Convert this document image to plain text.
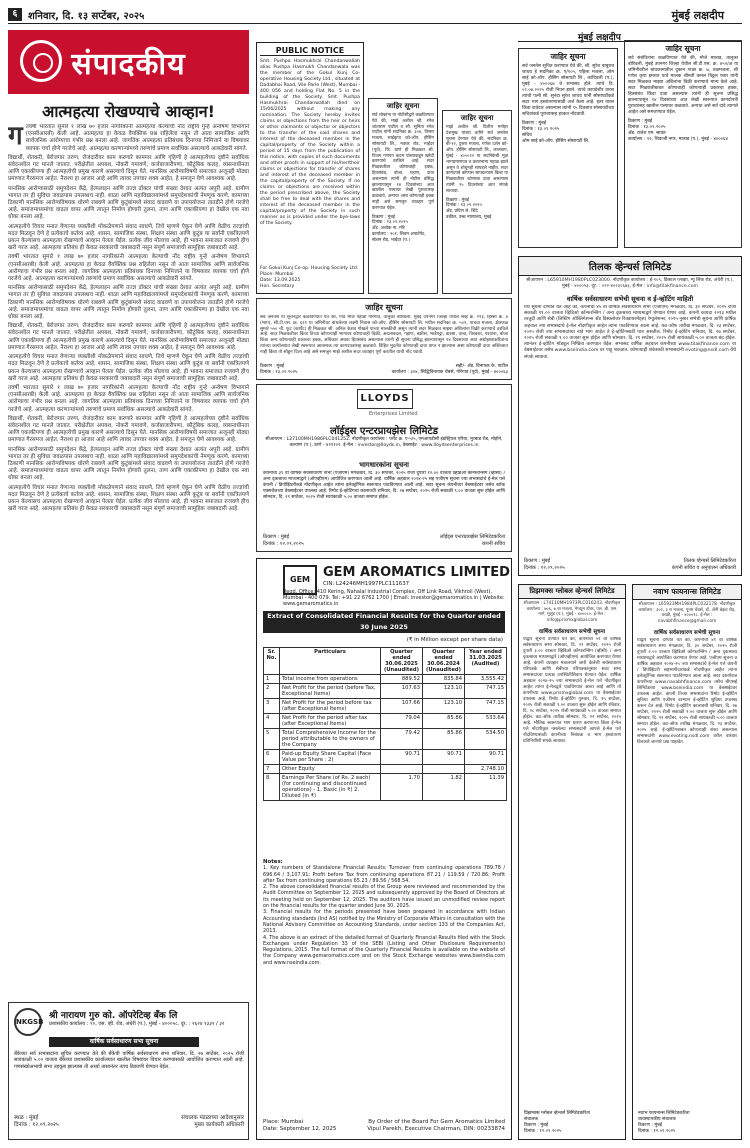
६	शनिवार, दि. १३ सप्टेंबर, २०२५	मुंबई लक्षदीप
संपादकीय
आत्महत्या रोखण्याचे आव्हान!
ग तवर्षी भारतात सुमारे १ लाख ७० हजार नागरिकांनी आत्महत्या केल्याची नोंद राष्ट्रीय गुन्हे अन्वेषण विभागाने (एनसीआरबी) केली आहे. आत्महत्या हा केवळ वैयक्तिक प्रश्न राहिलेला नसून तो आता सामाजिक आणि सार्वजनिक आरोग्याचा गंभीर प्रश्न बनला आहे. जागतिक आत्महत्या प्रतिबंधक दिनाच्या निमित्ताने या विषयावर व्यापक चर्चा होणे गरजेचे आहे. आत्महत्या करणाऱ्यांमध्ये तरुणांचे प्रमाण सर्वाधिक असल्याचे आकडेवारी सांगते.

विद्यार्थी, शेतकरी, बेरोजगार तरुण, रोजंदारीवर काम करणारे कामगार आणि गृहिणी हे आत्महत्येच्या दृष्टीने सर्वाधिक संवेदनशील गट मानले जातात. परीक्षेतील अपयश, नोकरी गमावणे, कर्जबाजारीपणा, कौटुंबिक कलह, व्यसनाधीनता आणि एकाकीपणा ही आत्महत्येची प्रमुख कारणे असल्याचे दिसून येते. मानसिक आरोग्याविषयी समाजात अजूनही मोठ्या प्रमाणात गैरसमज आहेत. नैराश्य हा आजार आहे आणि त्यावर उपचार शक्य आहेत, हे समजून घेणे आवश्यक आहे.

मानसिक आरोग्यासाठी समुपदेशन केंद्रे, हेल्पलाइन आणि तज्ज्ञ डॉक्टर यांची संख्या देशात अत्यंत अपुरी आहे. ग्रामीण भागात तर ही सुविधा जवळपास उपलब्धच नाही. शाळा आणि महाविद्यालयांमध्ये समुपदेशकांची नेमणूक करणे, कामाच्या ठिकाणी मानसिक आरोग्यविषयक धोरणे राबवणे आणि कुटुंबांमध्ये संवाद वाढवणे या उपाययोजना तातडीने होणे गरजेचे आहे. समाजमाध्यमांचा वाढता वापर आणि त्यातून निर्माण होणारी तुलना, ताण आणि एकाकीपणा हा देखील एक नवा धोका बनला आहे.

आत्महत्येचे विचार मनात येणाऱ्या व्यक्तीशी मोकळेपणाने संवाद साधणे, तिचे म्हणणे ऐकून घेणे आणि वेळीच तज्ज्ञांची मदत मिळवून देणे हे प्रत्येकाचे कर्तव्य आहे. शासन, सामाजिक संस्था, शिक्षण संस्था आणि कुटुंब या सर्वांनी एकत्रितपणे प्रयत्न केल्यासच आत्महत्या रोखण्याचे आव्हान पेलता येईल. प्रत्येक जीव मोलाचा आहे, ही भावना समाजात रुजवणे हीच खरी गरज आहे. आत्महत्या प्रतिबंध ही केवळ सरकारची जबाबदारी नसून संपूर्ण समाजाची सामूहिक जबाबदारी आहे.

तवर्षी भारतात सुमारे १ लाख ७० हजार नागरिकांनी आत्महत्या केल्याची नोंद राष्ट्रीय गुन्हे अन्वेषण विभागाने (एनसीआरबी) केली आहे. आत्महत्या हा केवळ वैयक्तिक प्रश्न राहिलेला नसून तो आता सामाजिक आणि सार्वजनिक आरोग्याचा गंभीर प्रश्न बनला आहे. जागतिक आत्महत्या प्रतिबंधक दिनाच्या निमित्ताने या विषयावर व्यापक चर्चा होणे गरजेचे आहे. आत्महत्या करणाऱ्यांमध्ये तरुणांचे प्रमाण सर्वाधिक असल्याचे आकडेवारी सांगते.

मानसिक आरोग्यासाठी समुपदेशन केंद्रे, हेल्पलाइन आणि तज्ज्ञ डॉक्टर यांची संख्या देशात अत्यंत अपुरी आहे. ग्रामीण भागात तर ही सुविधा जवळपास उपलब्धच नाही. शाळा आणि महाविद्यालयांमध्ये समुपदेशकांची नेमणूक करणे, कामाच्या ठिकाणी मानसिक आरोग्यविषयक धोरणे राबवणे आणि कुटुंबांमध्ये संवाद वाढवणे या उपाययोजना तातडीने होणे गरजेचे आहे. समाजमाध्यमांचा वाढता वापर आणि त्यातून निर्माण होणारी तुलना, ताण आणि एकाकीपणा हा देखील एक नवा धोका बनला आहे.

विद्यार्थी, शेतकरी, बेरोजगार तरुण, रोजंदारीवर काम करणारे कामगार आणि गृहिणी हे आत्महत्येच्या दृष्टीने सर्वाधिक संवेदनशील गट मानले जातात. परीक्षेतील अपयश, नोकरी गमावणे, कर्जबाजारीपणा, कौटुंबिक कलह, व्यसनाधीनता आणि एकाकीपणा ही आत्महत्येची प्रमुख कारणे असल्याचे दिसून येते. मानसिक आरोग्याविषयी समाजात अजूनही मोठ्या प्रमाणात गैरसमज आहेत. नैराश्य हा आजार आहे आणि त्यावर उपचार शक्य आहेत, हे समजून घेणे आवश्यक आहे.

आत्महत्येचे विचार मनात येणाऱ्या व्यक्तीशी मोकळेपणाने संवाद साधणे, तिचे म्हणणे ऐकून घेणे आणि वेळीच तज्ज्ञांची मदत मिळवून देणे हे प्रत्येकाचे कर्तव्य आहे. शासन, सामाजिक संस्था, शिक्षण संस्था आणि कुटुंब या सर्वांनी एकत्रितपणे प्रयत्न केल्यासच आत्महत्या रोखण्याचे आव्हान पेलता येईल. प्रत्येक जीव मोलाचा आहे, ही भावना समाजात रुजवणे हीच खरी गरज आहे. आत्महत्या प्रतिबंध ही केवळ सरकारची जबाबदारी नसून संपूर्ण समाजाची सामूहिक जबाबदारी आहे.

तवर्षी भारतात सुमारे १ लाख ७० हजार नागरिकांनी आत्महत्या केल्याची नोंद राष्ट्रीय गुन्हे अन्वेषण विभागाने (एनसीआरबी) केली आहे. आत्महत्या हा केवळ वैयक्तिक प्रश्न राहिलेला नसून तो आता सामाजिक आणि सार्वजनिक आरोग्याचा गंभीर प्रश्न बनला आहे. जागतिक आत्महत्या प्रतिबंधक दिनाच्या निमित्ताने या विषयावर व्यापक चर्चा होणे गरजेचे आहे. आत्महत्या करणाऱ्यांमध्ये तरुणांचे प्रमाण सर्वाधिक असल्याचे आकडेवारी सांगते.

विद्यार्थी, शेतकरी, बेरोजगार तरुण, रोजंदारीवर काम करणारे कामगार आणि गृहिणी हे आत्महत्येच्या दृष्टीने सर्वाधिक संवेदनशील गट मानले जातात. परीक्षेतील अपयश, नोकरी गमावणे, कर्जबाजारीपणा, कौटुंबिक कलह, व्यसनाधीनता आणि एकाकीपणा ही आत्महत्येची प्रमुख कारणे असल्याचे दिसून येते. मानसिक आरोग्याविषयी समाजात अजूनही मोठ्या प्रमाणात गैरसमज आहेत. नैराश्य हा आजार आहे आणि त्यावर उपचार शक्य आहेत, हे समजून घेणे आवश्यक आहे.

मानसिक आरोग्यासाठी समुपदेशन केंद्रे, हेल्पलाइन आणि तज्ज्ञ डॉक्टर यांची संख्या देशात अत्यंत अपुरी आहे. ग्रामीण भागात तर ही सुविधा जवळपास उपलब्धच नाही. शाळा आणि महाविद्यालयांमध्ये समुपदेशकांची नेमणूक करणे, कामाच्या ठिकाणी मानसिक आरोग्यविषयक धोरणे राबवणे आणि कुटुंबांमध्ये संवाद वाढवणे या उपाययोजना तातडीने होणे गरजेचे आहे. समाजमाध्यमांचा वाढता वापर आणि त्यातून निर्माण होणारी तुलना, ताण आणि एकाकीपणा हा देखील एक नवा धोका बनला आहे.

आत्महत्येचे विचार मनात येणाऱ्या व्यक्तीशी मोकळेपणाने संवाद साधणे, तिचे म्हणणे ऐकून घेणे आणि वेळीच तज्ज्ञांची मदत मिळवून देणे हे प्रत्येकाचे कर्तव्य आहे. शासन, सामाजिक संस्था, शिक्षण संस्था आणि कुटुंब या सर्वांनी एकत्रितपणे प्रयत्न केल्यासच आत्महत्या रोखण्याचे आव्हान पेलता येईल. प्रत्येक जीव मोलाचा आहे, ही भावना समाजात रुजवणे हीच खरी गरज आहे. आत्महत्या प्रतिबंध ही केवळ सरकारची जबाबदारी नसून संपूर्ण समाजाची सामूहिक जबाबदारी आहे.

NKGSB
श्री नारायण गुरु को. ऑपरेटिव्ह बँक लि
प्रशासकीय कार्यालय : ९०, एस. व्ही. रोड, अंधेरी (प.), मुंबई - ४०००५८. दूर. : २६२४ १३३१ / ३२
वार्षिक सर्वसाधारण सभा सूचना
बँकेच्या सर्व सभासदांना सूचित करण्यात येते की बँकेची वार्षिक सर्वसाधारण सभा शनिवार, दि. २७ सप्टेंबर, २०२५ रोजी सायंकाळी ५.०० वाजता बँकेच्या प्रशासकीय कार्यालयात खालील विषयांवर विचार करण्यासाठी आयोजित करण्यात आली आहे. गणसंख्येअभावी सभा तहकूब झाल्यास ती अर्ध्या तासानंतर त्याच ठिकाणी घेण्यात येईल.
स्थळ : मुंबई
दिनांक : १२.०९.२०२५
संचालक मंडळाच्या आदेशानुसार
मुख्य कार्यकारी अधिकारी
PUBLIC NOTICE
Smt. Pushpa Hasmukhrai Chandanwallah alias Pushpa Hasmukh Chandanwala was the member of the Gokul Kunj Co-operative Housing Society Ltd., situated at Dadabhai Road, Vile Parle (West), Mumbai - 400 056 and holding Flat No. 5 in the building of the Society. Smt. Pushpa Hasmukhrai Chandanwallah died on 15/06/2025 without making any nomination. The Society hereby invites claims or objections from the heir or heirs or other claimants or objector or objectors to the transfer of the said shares and interest of the deceased member in the capital/property of the Society within a period of 15 days from the publication of this notice, with copies of such documents and other proofs in support of his/her/their claims or objections for transfer of shares and interest of the deceased member in the capital/property of the Society. If no claims or objections are received within the period prescribed above, the Society shall be free to deal with the shares and interest of the deceased member in the capital/property of the Society in such manner as is provided under the bye-laws of the Society.
For Gokul Kunj Co-op. Housing Society Ltd.
Place: Mumbai
Date: 13.09.2025
Hon. Secretary
जाहिर सूचना
सर्व लोकांना या नोटीसीद्वारे कळविण्यात येते की, माझे अशील श्री. रमेश शांताराम पाटील व सौ. सुनिता रमेश पाटील यांनी सदनिका क्र. ३०४, तिसरा मजला, साईकृपा को-ऑप. हौसिंग सोसायटी लि., नवघर रोड, भाईंदर (पूर्व), जि. ठाणे ही मिळकत श्री. विजय गणपत कदम यांच्याकडून खरेदी करण्याचे ठरविले आहे. सदर मिळकतीवर कोणाचाही हक्क, हितसंबंध, बोजा, गहाण, दावा असल्यास त्यांनी ही नोटीस प्रसिद्ध झाल्यापासून १४ दिवसांच्या आत खालील पत्त्यावर लेखी पुराव्यासह कळवावे, अन्यथा असा कोणताही हक्क नाही असे समजून व्यवहार पूर्ण करण्यात येईल.
ठिकाण : मुंबई
दिनांक : १३.०९.२०२५
ॲड. अशोक ना. मोरे
कार्यालय : २०१, शिवम अपार्टमेंट, स्टेशन रोड, भाईंदर (प.)
जाहिर सूचना
माझे अशील श्री. दिलीप मनोहर देशमुख यांच्या वतीने सर्व जनतेस सूचना देण्यात येते की, सदनिका क्र. बी-१२, दुसरा मजला, गणेश दर्शन को-ऑप. हौसिंग सोसायटी लि., लालबाग, मुंबई - ४०००१२ या सदनिकेची मूळ भागप्रमाणपत्र व करारनामा गहाळ झाले असून ते शोधूनही सापडले नाहीत. सदर कागदपत्रे कोणास सापडल्यास किंवा या मिळकतीवर कोणाचा दावा असल्यास त्यांनी १५ दिवसांच्या आत संपर्क साधावा.
ठिकाण : मुंबई
दिनांक : १३.०९.२०२५
ॲड. प्रविण जे. शिंदे
वकील, उच्च न्यायालय, मुंबई
मुंबई लक्षदीप
जाहिर सूचना
सर्व जनतेस सूचित करण्यात येते की, श्री. सुरेश बाबुराव जाधव हे सदनिका क्र. ए/१०५, पहिला मजला, ओम साई को-ऑप. हौसिंग सोसायटी लि., कांदिवली (प.), मुंबई - ४०००६७ चे सभासद होते. त्यांचे दि. ०२.०७.२०२५ रोजी निधन झाले. त्यांचे कायदेशीर वारस त्यांची पत्नी सौ. सुनंदा सुरेश जाधव यांनी सोसायटीकडे सदर भाग हस्तांतरणासाठी अर्ज केला आहे. इतर वारस किंवा दावेदार असल्यास त्यांनी १५ दिवसांत सोसायटीच्या सचिवांकडे पुराव्यासह हरकत नोंदवावी.
ठिकाण : मुंबई
दिनांक : १३.०९.२०२५
सचिव
ओम साई को-ऑप. हौसिंग सोसायटी लि.
जाहिर सूचना
सर्व संबंधितांना कळविण्यात येते की, मौजे मालाड, तालुका बोरिवली, मुंबई उपनगर जिल्हा येथील सी.टी.एस. क्र. ४५२/अ या जमिनीवरील बांधकामातील दुकान गाळा क्र. ७, तळमजला, श्री गणेश कृपा इमारत याचे मालक श्रीमती कमल विठ्ठल पवार यांनी सदर मिळकत माझ्या अशिलांना विक्री करण्याचे मान्य केले आहे. सदर मिळकतीबाबत कोणाचाही कोणत्याही प्रकारचा हक्क, हितसंबंध किंवा दावा असल्यास त्यांनी ही सूचना प्रसिद्ध झाल्यापासून १४ दिवसांच्या आत लेखी स्वरूपात कागदोपत्री पुराव्यासह खालील पत्त्यावर कळवावे. अन्यथा असे सर्व दावे त्यागले आहेत असे समजण्यात येईल.
ठिकाण : मुंबई
दिनांक : १३.०९.२०२५
ॲड. राजेश एम. सावंत
कार्यालय : १२, शिवाजी नगर, मालाड (प.), मुंबई - ४०००६४
जाहिर सूचना
सर्व जनतेस या सूचनेद्वारे कळविण्यात येते की, गाव मौजे पहाडी गोरेगाव, तालुका बोरिवली, मुंबई उपनगर जिल्हा येथील सर्व्हे क्र. २१३, हिस्सा क्र. ४ (भाग), सी.टी.एस. क्र. ६२१ या जमिनीवर बांधलेल्या लक्ष्मी निवास को-ऑप. हौसिंग सोसायटी लि. मधील सदनिका क्र. ५०२, पाचवा मजला, क्षेत्रफळ सुमारे ५५० चौ. फूट (कार्पेट) ही मिळकत श्री. अनिल केशव गोखले यांच्या मालकीची असून त्यांनी सदर मिळकत माझ्या अशिलांना विक्री करण्याचे ठरविले आहे. सदर मिळकतीवर किंवा तिच्या कोणत्याही भागावर कोणाचाही विक्री, अदलाबदल, गहाण, बक्षीस, भाडेपट्टा, वारसा, ताबा, विश्वस्त, परवाना, बोजा किंवा अन्य कोणत्याही प्रकारचा हक्क, अधिकार अथवा हितसंबंध असल्यास त्यांनी ही सूचना प्रसिद्ध झाल्यापासून १४ दिवसांच्या आत अधोहस्ताक्षरितांना त्यांच्या कार्यालयात लेखी स्वरूपात आवश्यक त्या कागदपत्रांसह कळवावे. विहित मुदतीत कोणताही दावा प्राप्त न झाल्यास असा कोणताही दावा अस्तित्वात नाही किंवा तो सोडून दिला आहे असे समजून माझे अशील सदर व्यवहार पूर्ण करतील याची नोंद घ्यावी.
ठिकाण : मुंबई
दिनांक : १३.०९.२०२५
सही/- ॲड. विनायक के. पाटील
कार्यालय : ३०४, सिद्धिविनायक चेंबर्स, गोरेगाव (पूर्व), मुंबई - ४०००६३
LLOYDS
Enterprises Limited
लॉईड्स एन्टरप्रायझेस लिमिटेड
सीआयएन : L27100MH1986PLC041252. नोंदणीकृत कार्यालय : प्लॉट क्र. ए-५/५, एमआयडीसी इंडस्ट्रियल एरिया, मुरबाड रोड, मोहोने, कल्याण (प.), ठाणे - ४२११०२. ई-मेल : investor@lloyds.in, वेबसाईट : www.lloydsenterprises.in
भागधारकांना सूचना
कंपनीची ३९ वी वार्षिक सर्वसाधारण सभा (एजीएम) मंगळवार, दि. ३० सप्टेंबर, २०२५ रोजी दुपारी १२.०० वाजता व्हिडिओ कॉन्फरन्सिंग (व्हीसी) / अन्य दृकश्राव्य माध्यमाद्वारे (ओएव्हीएम) आयोजित करण्यात आली आहे. वार्षिक अहवाल २०२४-२५ सह एजीएम सूचना ज्या सभासदांचे ई-मेल पत्ते कंपनी / डिपॉझिटरीकडे नोंदणीकृत आहेत त्यांना इलेक्ट्रॉनिक स्वरूपात पाठविण्यात आली आहे. सदर सूचना कंपनीच्या वेबसाईटवर तसेच स्टॉक एक्सचेंजच्या वेबसाईटवर उपलब्ध आहे. रिमोट ई-व्होटिंगचा कालावधी शनिवार, दि. २७ सप्टेंबर, २०२५ रोजी सकाळी ९.०० वाजता सुरू होईल आणि सोमवार, दि. २९ सप्टेंबर, २०२५ रोजी सायंकाळी ५.०० वाजता समाप्त होईल.
ठिकाण : मुंबई
दिनांक : १२.०९.२०२५
लॉईड्स एन्टरप्रायझेस लिमिटेडकरिता
कंपनी सचिव
GEM	GEM AROMATICS LIMITED
CIN: L24246MH1997PLC111637
Regd. Office: 410 Kering, Nahalal Industrial Complex, Off Link Road, Vikhroli (West), Mumbai - 400 079. Tel: +91 22 6762 1700 | Email: investor@gemaromatics.in | Website: www.gemaromatics.in
Extract of Consolidated Financial Results for the Quarter ended 30 June 2025
(₹ in Million except per share data)
Sr. No.	Particulars	Quarter ended 30.06.2025 (Unaudited)	Quarter ended 30.06.2024 (Unaudited)	Year ended 31.03.2025 (Audited)
1	Total income from operations	889.52	835.84	3,555.42
2	Net Profit for the period (before Tax, Exceptional Items)	107.63	123.10	747.15
3	Net Profit for the period before tax (after Exceptional Items)	107.66	123.10	747.15
4	Net Profit for the period after tax (after Exceptional Items)	79.04	85.86	533.64
5	Total Comprehensive Income for the period attributable to the owners of the Company	79.42	85.86	534.50
6	Paid-up Equity Share Capital (Face Value per Share : 2)	90.71	90.71	90.71
7	Other Equity			2,748.10
8	Earnings Per Share (of Rs. 2 each) (for continuing and discontinued operations) - 1. Basic (in ₹) 2. Diluted (in ₹)	1.70	1.82	11.39
Notes:

1. Key numbers of Standalone Financial Results: Turnover from continuing operations 789.78 / 696.64 / 3,107.91; Profit before Tax from continuing operations 87.21 / 119.59 / 720.86; Profit after Tax from continuing operations 65.23 / 89.56 / 568.54.

2. The above consolidated financial results of the Group were reviewed and recommended by the Audit Committee on September 12, 2025 and subsequently approved by the Board of Directors at its meeting held on September 12, 2025. The auditors have issued an unmodified review report on the financial results for the quarter ended June 30, 2025.

3. Financial results for the periods presented have been prepared in accordance with Indian Accounting standards (Ind AS) notified by the Ministry of Corporate Affairs in consultation with the National Advisory Committee on Accounting Standards, under section 133 of the Companies Act, 2013.

4. The above is an extract of the detailed format of Quarterly Financial Results filed with the Stock Exchanges under Regulation 33 of the SEBI (Listing and Other Disclosure Requirements) Regulations, 2015. The full format of the Quarterly Financial Results is available on the website of the Company www.gemaromatics.com and on the Stock Exchange websites www.bseindia.com and www.nseindia.com.

Place: Mumbai
Date: September 12, 2025
By Order of the Board For Gem Aromatics Limited
Vipul Parekh, Executive Chairman, DIN: 00233874
तिलक व्हेन्चर्स लिमिटेड
सीआयएन : L65910MH1980PLC023000. नोंदणीकृत कार्यालय : ई-१०९, क्रिस्टल प्लाझा, न्यू लिंक रोड, अंधेरी (प.), मुंबई - ४०००५३. दूर. : ०२२-४०२३०६७३, ई-मेल : info@tilakfinance.com
वार्षिक सर्वसाधारण सभेची सूचना व ई-व्होटिंग माहिती
येथे सूचना देण्यात येत आहे की, कंपनीची ४५ वी वार्षिक सर्वसाधारण सभा (एजीएम) मंगळवार, दि. ३० सप्टेंबर, २०२५ रोजी सकाळी ११.०० वाजता व्हिडिओ कॉन्फरन्सिंग / अन्य दृकश्राव्य माध्यमाद्वारे घेण्यात येणार आहे. कंपनी कायदा २०१३ मधील तरतुदी आणि सेबी (लिस्टिंग ऑब्लिगेशन्स अँड डिस्क्लोजर रिक्वायरमेंट्स) रेग्युलेशन्स, २०१५ नुसार सभेची सूचना आणि वार्षिक अहवाल ज्या सभासदांचे ई-मेल नोंदणीकृत आहेत त्यांना पाठविण्यात आला आहे. कट-ऑफ तारीख मंगळवार, दि. २३ सप्टेंबर, २०२५ रोजी ज्या सभासदांच्या नावे भाग आहेत ते ई-व्होटिंगसाठी पात्र असतील. रिमोट ई-व्होटिंग शनिवार, दि. २७ सप्टेंबर, २०२५ रोजी सकाळी ९.०० वाजता सुरू होईल आणि सोमवार, दि. २९ सप्टेंबर, २०२५ रोजी सायंकाळी ५.०० वाजता बंद होईल. त्यानंतर ई-व्होटिंग मॉड्यूल निष्क्रिय करण्यात येईल. सभासद वार्षिक अहवाल कंपनीच्या www.tilakfinance.com या वेबसाईटवर तसेच www.bseindia.com वर पाहू शकतात. कोणत्याही शंकेसाठी सभासदांनी evoting@nsdl.com येथे संपर्क साधावा.
ठिकाण : मुंबई
दिनांक : १२.०९.२०२५
तिलक व्हेन्चर्स लिमिटेडकरिता
कंपनी सचिव व अनुपालन अधिकारी
प्रिझमक्स ग्लोबल व्हेन्चर्स लिमिटेड
सीआयएन : L74110MH1973PLC016243. नोंदणीकृत कार्यालय : ७०६, ७ वा मजला, नेप्च्यून टॉवर, एल. बी. एस. मार्ग, मुलुंड (प.), मुंबई - ४०००८०. ई-मेल : info@prismxglobal.com
वार्षिक सर्वसाधारण सभेची सूचना
याद्वारे सूचना देण्यात येते की, कंपनीची ५२ वी वार्षिक सर्वसाधारण सभा सोमवार, दि. २९ सप्टेंबर, २०२५ रोजी दुपारी ३.०० वाजता व्हिडिओ कॉन्फरन्सिंग (व्हीसी) / अन्य दृकश्राव्य माध्यमाद्वारे (ओएव्हीएम) आयोजित करण्यात येणार आहे. कंपनी व्यवहार मंत्रालयाने जारी केलेली सर्वसाधारण परिपत्रके आणि सेबीच्या परिपत्रकांनुसार सदर सभा सभासदांच्या प्रत्यक्ष उपस्थितीशिवाय घेण्यात येईल. वार्षिक अहवाल २०२४-२५ ज्या सभासदांचे ई-मेल पत्ते नोंदणीकृत आहेत त्यांना ई-मेलद्वारे पाठविण्यात आला आहे आणि तो कंपनीच्या www.prismxglobal.com या वेबसाईटवर उपलब्ध आहे. रिमोट ई-व्होटिंग गुरुवार, दि. २५ सप्टेंबर, २०२५ रोजी सकाळी ९.०० वाजता सुरू होईल आणि रविवार, दि. २८ सप्टेंबर, २०२५ रोजी सायंकाळी ५.०० वाजता समाप्त होईल. कट-ऑफ तारीख सोमवार, दि. २२ सप्टेंबर, २०२५ आहे. भौतिक स्वरूपात भाग धारण करणाऱ्या किंवा ई-मेल पत्ते नोंदणीकृत नसलेल्या सभासदांनी आपले ई-मेल पत्ते नोंदविण्यासाठी कंपनीच्या निबंधक व भाग हस्तांतरण प्रतिनिधींशी संपर्क साधावा.
प्रिझमक्स ग्लोबल व्हेन्चर्स लिमिटेडकरिता
संचालक
ठिकाण : मुंबई
दिनांक : १२.०९.२०२५
नवाभ फायनान्स लिमिटेड
सीआयएन : L65923MH1984PLC032178. नोंदणीकृत कार्यालय : ३०२, ३ रा मजला, पूनम चेंबर्स, डॉ. ॲनी बेझंट रोड, वरळी, मुंबई - ४०००१८. ई-मेल : navabhfinance@gmail.com
वार्षिक सर्वसाधारण सभेची सूचना
याद्वारे सूचना देण्यात येते की, कंपनीची ४१ वी वार्षिक सर्वसाधारण सभा मंगळवार, दि. ३० सप्टेंबर, २०२५ रोजी दुपारी २.०० वाजता व्हिडिओ कॉन्फरन्सिंग / अन्य दृकश्राव्य माध्यमाद्वारे आयोजित करण्यात येणार आहे. एजीएम सूचना व वार्षिक अहवाल २०२४-२५ ज्या सभासदांचे ई-मेल पत्ते कंपनी / डिपॉझिटरी सहभागीदारांकडे नोंदणीकृत आहेत त्यांना इलेक्ट्रॉनिक स्वरूपात पाठविण्यात आला आहे. सदर दस्तऐवज कंपनीच्या www.navabhfinance.com तसेच बीएसई लिमिटेडच्या www.bseindia.com या वेबसाईटवर उपलब्ध आहेत. कंपनी तिच्या सभासदांना रिमोट ई-व्होटिंग सुविधा आणि एजीएम दरम्यान ई-व्होटिंग सुविधा उपलब्ध करून देत आहे. रिमोट ई-व्होटिंग कालावधी शनिवार, दि. २७ सप्टेंबर, २०२५ रोजी सकाळी ९.०० वाजता सुरू होईल आणि सोमवार, दि. २९ सप्टेंबर, २०२५ रोजी सायंकाळी ५.०० वाजता समाप्त होईल. कट-ऑफ तारीख मंगळवार, दि. २३ सप्टेंबर, २०२५ आहे. ई-व्होटिंगबाबत कोणत्याही शंका असल्यास सभासदांनी www.evoting.nsdl.com वरील वारंवार विचारले जाणारे प्रश्न पाहावेत.
नवाभ फायनान्स लिमिटेडकरिता
व्यवस्थापकीय संचालक
ठिकाण : मुंबई
दिनांक : १२.०९.२०२५
